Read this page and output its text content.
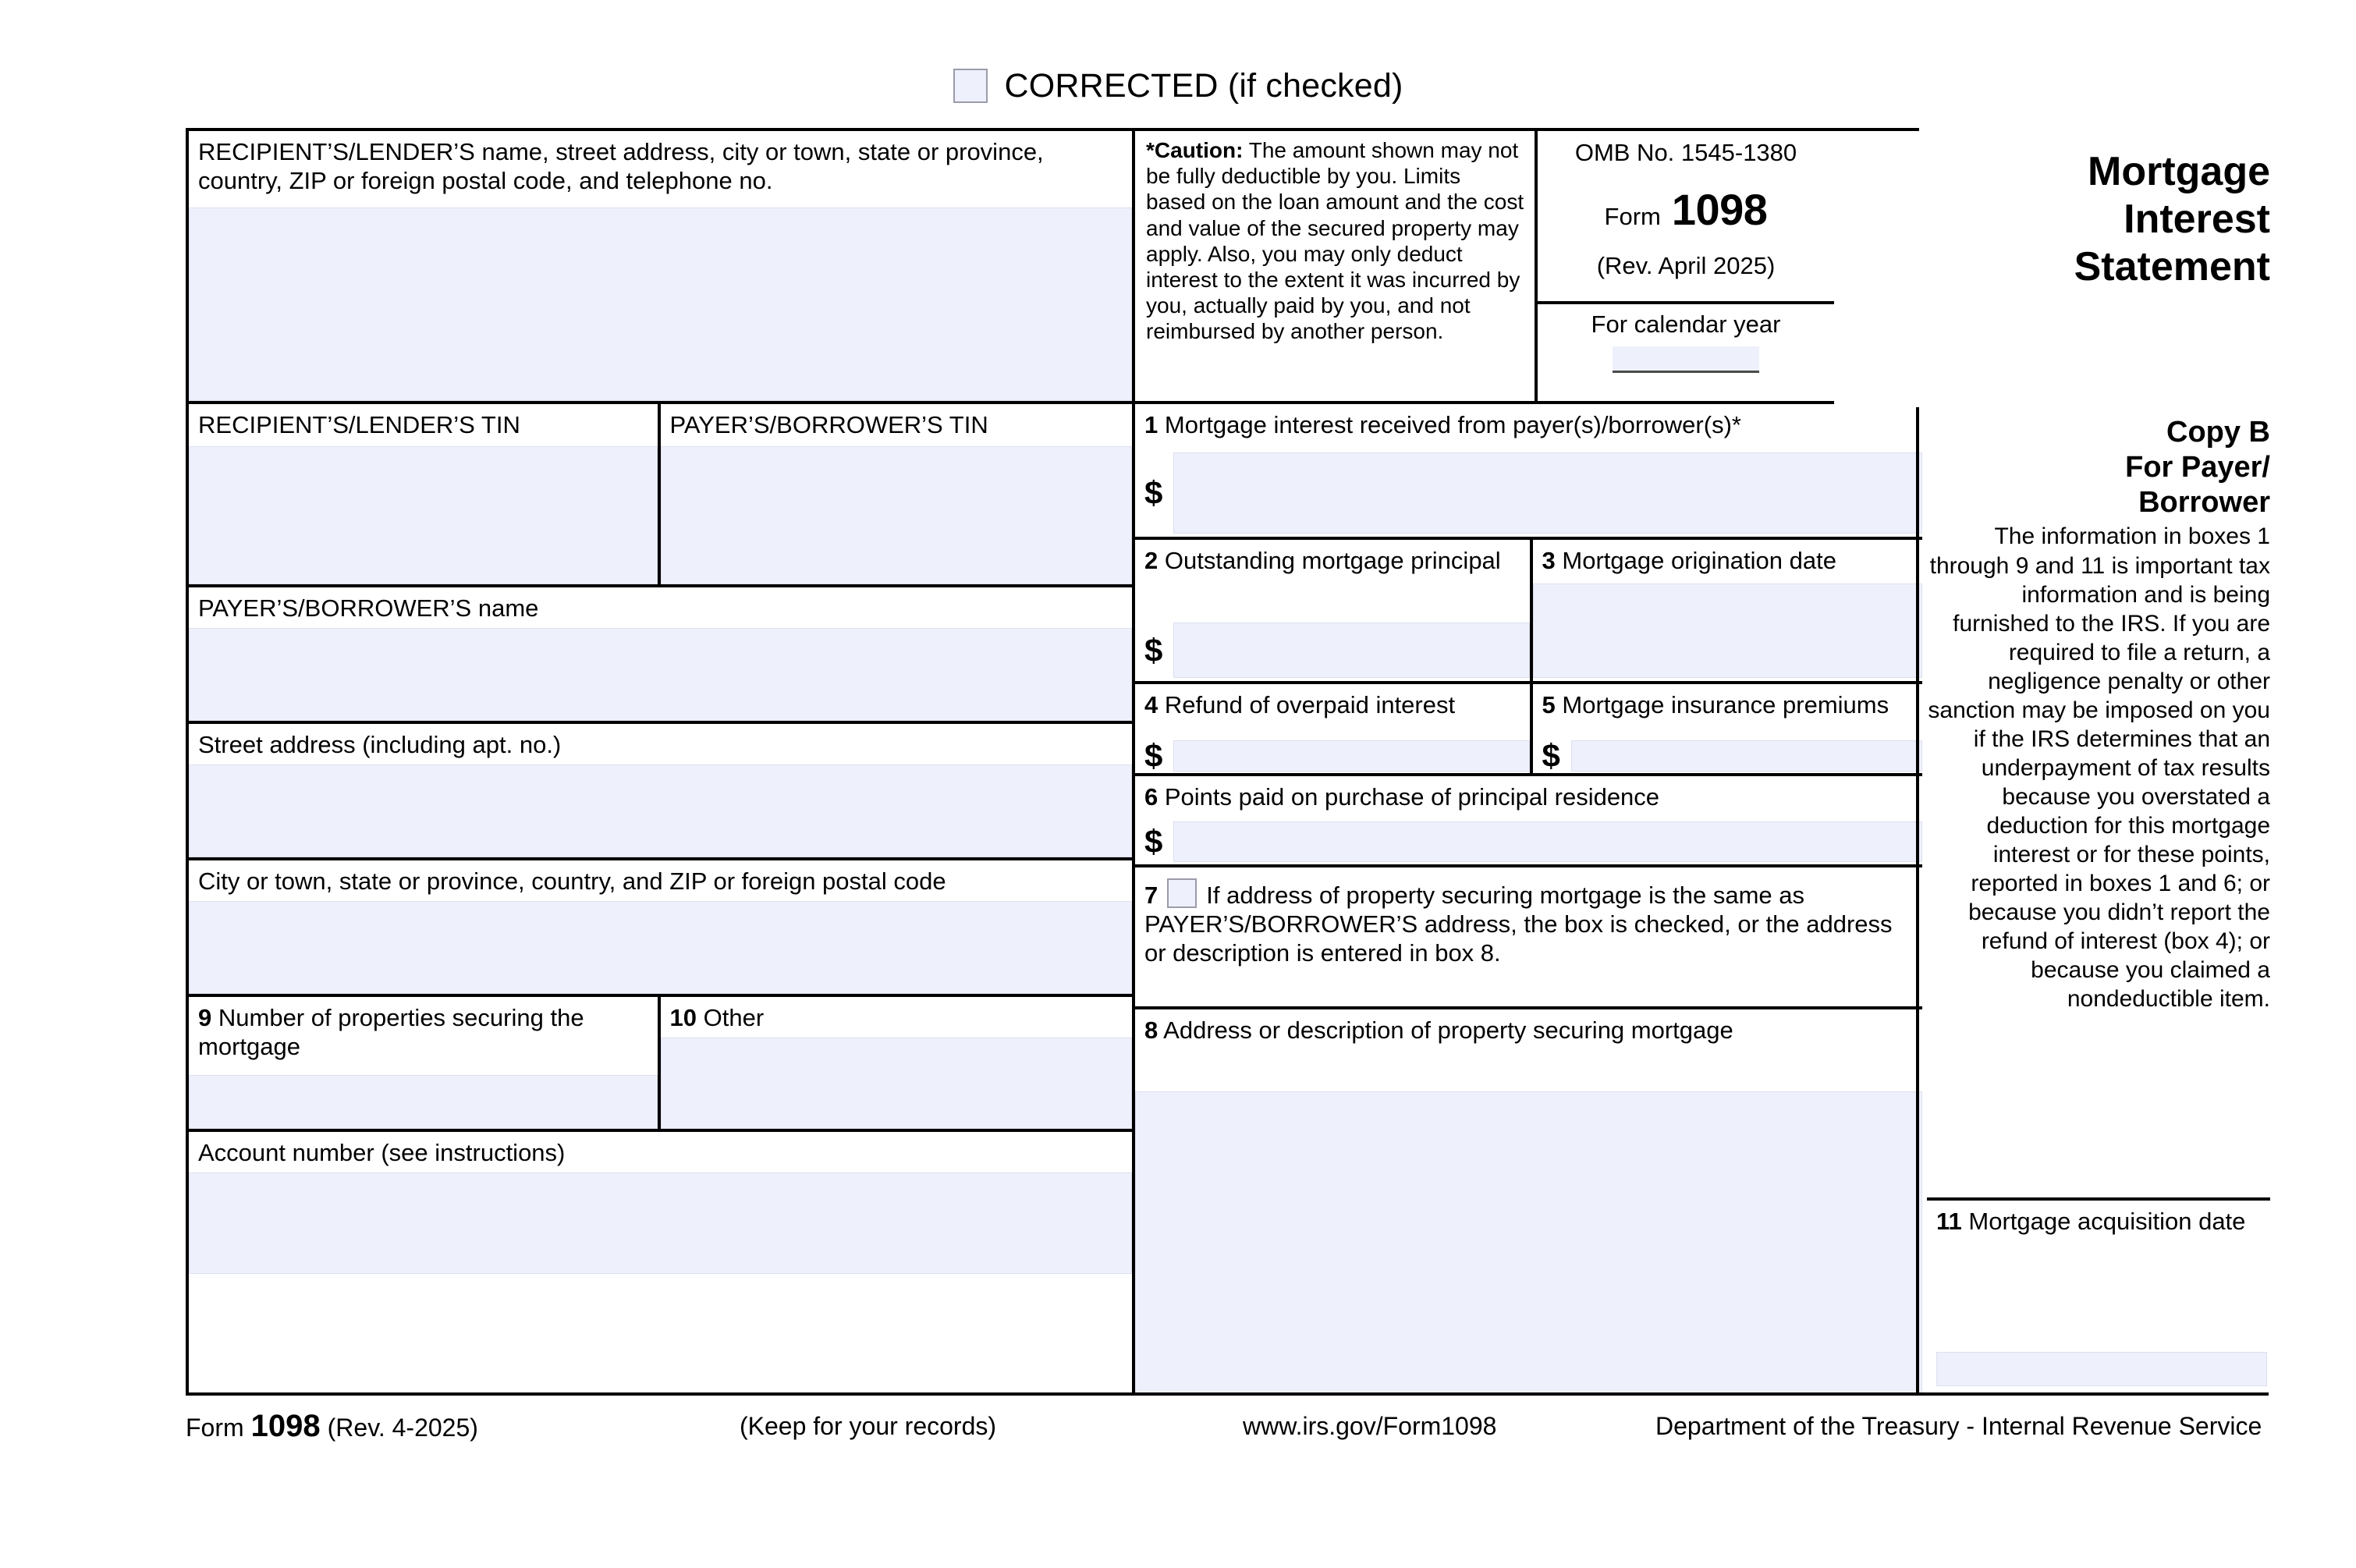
CORRECTED (if checked)
Mortgage
Interest
Statement
RECIPIENT’S/LENDER’S name, street address, city or town, state or province, country, ZIP or foreign postal code, and telephone no.
RECIPIENT’S/LENDER’S TIN	PAYER’S/BORROWER’S TIN
PAYER’S/BORROWER’S name
Street address (including apt. no.)
City or town, state or province, country, and ZIP or foreign postal code
9 Number of properties securing the mortgage
10 Other
Account number (see instructions)
*Caution: The amount shown may not be fully deductible by you. Limits based on the loan amount and the cost and value of the secured property may apply. Also, you may only deduct interest to the extent it was incurred by you, actually paid by you, and not reimbursed by another person.
OMB No. 1545-1380
Form 1098
(Rev. April 2025)
For calendar year
1 Mortgage interest received from payer(s)/borrower(s)*
$
2 Outstanding mortgage principal
$
3 Mortgage origination date
4 Refund of overpaid interest
$
5 Mortgage insurance premiums
$
6 Points paid on purchase of principal residence
$
7 If address of property securing mortgage is the same as PAYER’S/BORROWER’S address, the box is checked, or the address or description is entered in box 8.
8 Address or description of property securing mortgage
Copy B
For Payer/
Borrower
The information in boxes 1 through 9 and 11 is important tax information and is being furnished to the IRS. If you are required to file a return, a negligence penalty or other sanction may be imposed on you if the IRS determines that an underpayment of tax results because you overstated a deduction for this mortgage interest or for these points, reported in boxes 1 and 6; or because you didn’t report the refund of interest (box 4); or because you claimed a nondeductible item.
11 Mortgage acquisition date
Form 1098 (Rev. 4-2025)	(Keep for your records)	www.irs.gov/Form1098	Department of the Treasury - Internal Revenue Service
